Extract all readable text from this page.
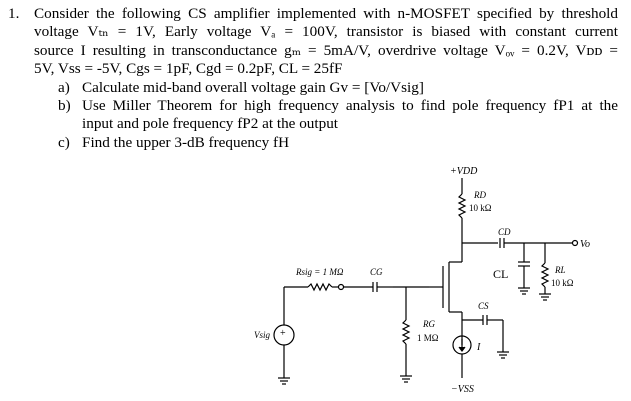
1. Consider the following CS amplifier implemented with n-MOSFET specified by threshold
voltage Vₜₙ = 1V, Early voltage Vₐ = 100V, transistor is biased with constant current
source I resulting in transconductance gₘ = 5mA/V, overdrive voltage Vₒᵥ = 0.2V, Vᴅᴅ =
5V, Vss = -5V, Cgs = 1pF, Cgd = 0.2pF, CL = 25fF
a) Calculate mid-band overall voltage gain Gv = [Vo/Vsig]
b) Use Miller Theorem for high frequency analysis to find pole frequency fP1 at the
input and pole frequency fP2 at the output
c) Find the upper 3-dB frequency fH
+VDD
RD
10 kΩ
CD
Vo
CL	RL
10 kΩ
CS
I
−VSS
RG
1 MΩ
CG
Rsig = 1 MΩ
+
Vsig
